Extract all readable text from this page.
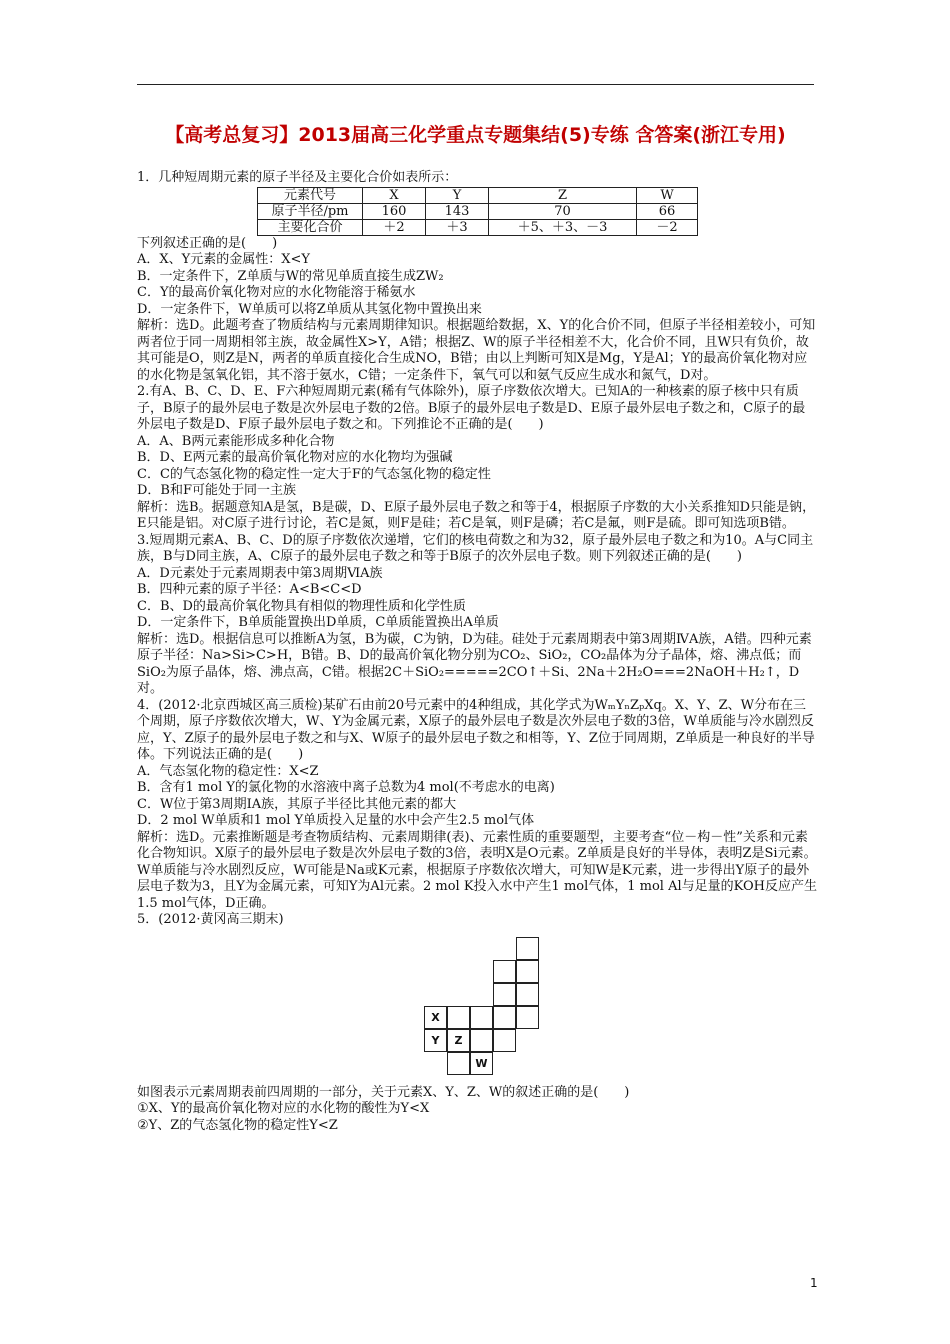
【高考总复习】2013届高三化学重点专题集结(5)专练 含答案(浙江专用)

1．几种短周期元素的原子半径及主要化合价如表所示：

元素代号	X	Y	Z	W
原子半径/pm	160	143	70	66
主要化合价	＋2	＋3	＋5、＋3、－3	－2

下列叙述正确的是(　　)

A．X、Y元素的金属性：X<Y

B．一定条件下，Z单质与W的常见单质直接生成ZW₂

C．Y的最高价氧化物对应的水化物能溶于稀氨水

D．一定条件下，W单质可以将Z单质从其氢化物中置换出来

解析：选D。此题考查了物质结构与元素周期律知识。根据题给数据，X、Y的化合价不同，但原子半径相差较小，可知两者位于同一周期相邻主族，故金属性X>Y，A错；根据Z、W的原子半径相差不大，化合价不同，且W只有负价，故其可能是O，则Z是N，两者的单质直接化合生成NO，B错；由以上判断可知X是Mg，Y是Al；Y的最高价氧化物对应的水化物是氢氧化铝，其不溶于氨水，C错；一定条件下，氧气可以和氨气反应生成水和氮气，D对。

2.有A、B、C、D、E、F六种短周期元素(稀有气体除外)，原子序数依次增大。已知A的一种核素的原子核中只有质子，B原子的最外层电子数是次外层电子数的2倍。B原子的最外层电子数是D、E原子最外层电子数之和，C原子的最外层电子数是D、F原子最外层电子数之和。下列推论不正确的是(　　)

A．A、B两元素能形成多种化合物

B．D、E两元素的最高价氧化物对应的水化物均为强碱

C．C的气态氢化物的稳定性一定大于F的气态氢化物的稳定性

D．B和F可能处于同一主族

解析：选B。据题意知A是氢，B是碳，D、E原子最外层电子数之和等于4，根据原子序数的大小关系推知D只能是钠，E只能是铝。对C原子进行讨论，若C是氮，则F是硅；若C是氧，则F是磷；若C是氟，则F是硫。即可知选项B错。

3.短周期元素A、B、C、D的原子序数依次递增，它们的核电荷数之和为32，原子最外层电子数之和为10。A与C同主族，B与D同主族，A、C原子的最外层电子数之和等于B原子的次外层电子数。则下列叙述正确的是(　　)

A．D元素处于元素周期表中第3周期ⅥA族

B．四种元素的原子半径：A<B<C<D

C．B、D的最高价氧化物具有相似的物理性质和化学性质

D．一定条件下，B单质能置换出D单质，C单质能置换出A单质

解析：选D。根据信息可以推断A为氢，B为碳，C为钠，D为硅。硅处于元素周期表中第3周期ⅣA族，A错。四种元素原子半径：Na>Si>C>H，B错。B、D的最高价氧化物分别为CO₂、SiO₂，CO₂晶体为分子晶体，熔、沸点低；而SiO₂为原子晶体，熔、沸点高，C错。根据2C＋SiO₂=====2CO↑＋Si、2Na＋2H₂O===2NaOH＋H₂↑，D对。

4．(2012·北京西城区高三质检)某矿石由前20号元素中的4种组成，其化学式为WₘYₙZₚXq。X、Y、Z、W分布在三个周期，原子序数依次增大，W、Y为金属元素，X原子的最外层电子数是次外层电子数的3倍，W单质能与冷水剧烈反应，Y、Z原子的最外层电子数之和与X、W原子的最外层电子数之和相等，Y、Z位于同周期，Z单质是一种良好的半导体。下列说法正确的是(　　)

A．气态氢化物的稳定性：X<Z

B．含有1 mol Y的氯化物的水溶液中离子总数为4 mol(不考虑水的电离)

C．W位于第3周期ⅠA族，其原子半径比其他元素的都大

D．2 mol W单质和1 mol Y单质投入足量的水中会产生2.5 mol气体

解析：选D。元素推断题是考查物质结构、元素周期律(表)、元素性质的重要题型，主要考查“位－构－性”关系和元素化合物知识。X原子的最外层电子数是次外层电子数的3倍，表明X是O元素。Z单质是良好的半导体，表明Z是Si元素。W单质能与冷水剧烈反应，W可能是Na或K元素，根据原子序数依次增大，可知W是K元素，进一步得出Y原子的最外层电子数为3，且Y为金属元素，可知Y为Al元素。2 mol K投入水中产生1 mol气体，1 mol Al与足量的KOH反应产生1.5 mol气体，D正确。

5．(2012·黄冈高三期末)

X
Y	Z
W

如图表示元素周期表前四周期的一部分，关于元素X、Y、Z、W的叙述正确的是(　　)

①X、Y的最高价氧化物对应的水化物的酸性为Y<X

②Y、Z的气态氢化物的稳定性Y<Z

1
